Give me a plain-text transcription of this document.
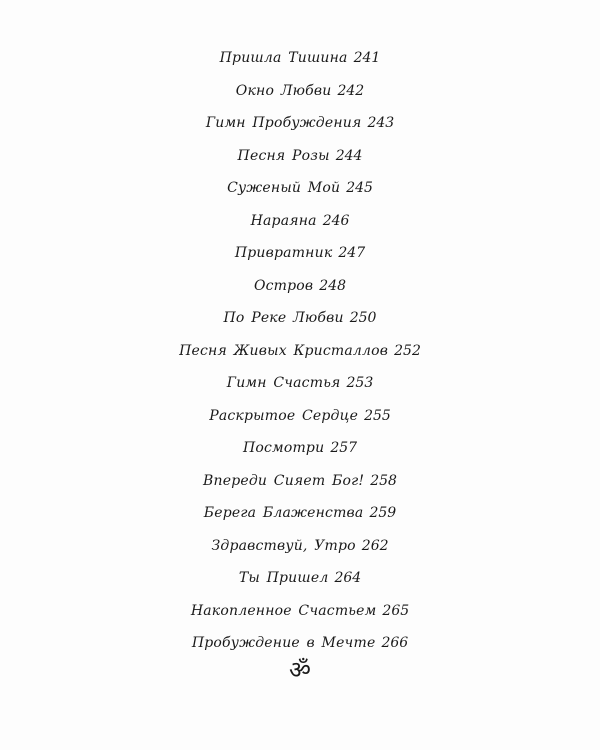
Пришла Тишина 241
Окно Любви 242
Гимн Пробуждения 243
Песня Розы 244
Суженый Мой 245
Нараяна 246
Привратник 247
Остров 248
По Реке Любви 250
Песня Живых Кристаллов 252
Гимн Счастья 253
Раскрытое Сердце 255
Посмотри 257
Впереди Сияет Бог! 258
Берега Блаженства 259
Здравствуй, Утро 262
Ты Пришел 264
Накопленное Счастьем 265
Пробуждение в Мечте 266
ॐ
